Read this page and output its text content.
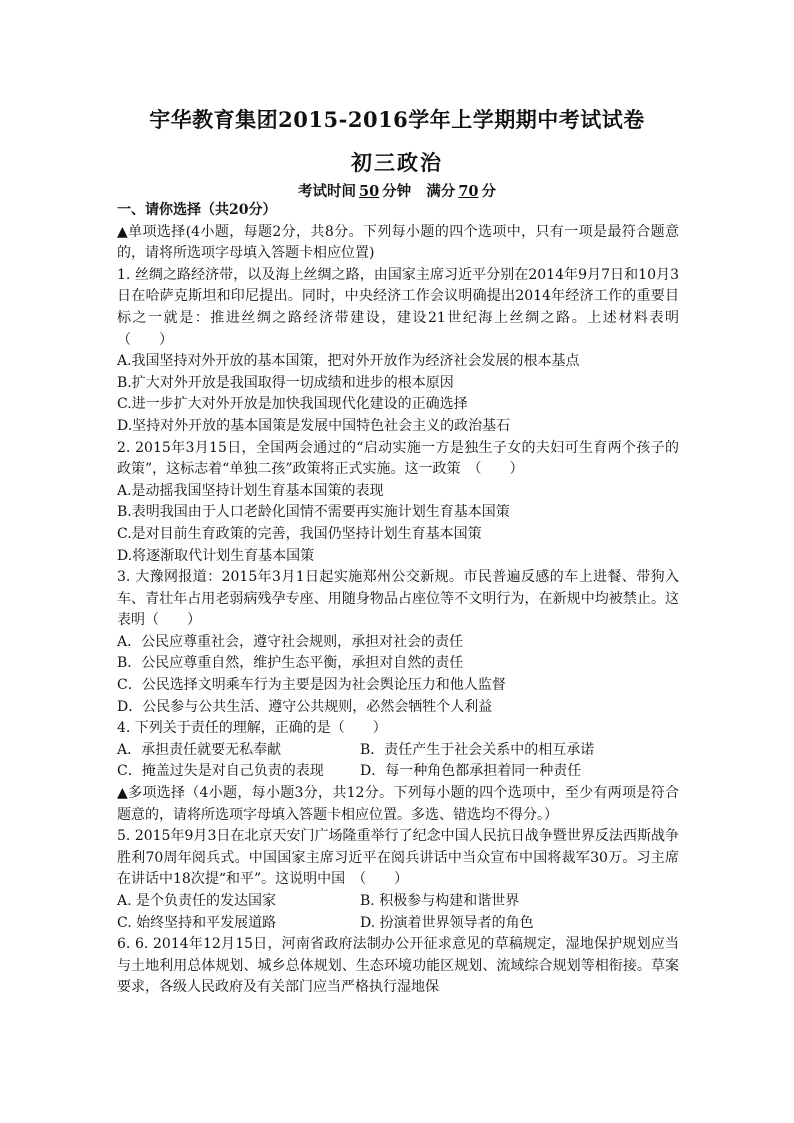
宇华教育集团2015-2016学年上学期期中考试试卷
初三政治
考试时间 50 分钟 满分 70 分

一、请你选择（共20分）

▲单项选择(4小题，每题2分，共8分。下列每小题的四个选项中，只有一项是最符合题意的，请将所选项字母填入答题卡相应位置)

1. 丝绸之路经济带，以及海上丝绸之路，由国家主席习近平分别在2014年9月7日和10月3日在哈萨克斯坦和印尼提出。同时，中央经济工作会议明确提出2014年经济工作的重要目标之一就是：推进丝绸之路经济带建设，建设21世纪海上丝绸之路。上述材料表明　（　　）

A.我国坚持对外开放的基本国策，把对外开放作为经济社会发展的根本基点

B.扩大对外开放是我国取得一切成绩和进步的根本原因

C.进一步扩大对外开放是加快我国现代化建设的正确选择

D.坚持对外开放的基本国策是发展中国特色社会主义的政治基石

2. 2015年3月15日，全国两会通过的“启动实施一方是独生子女的夫妇可生育两个孩子的政策”，这标志着“单独二孩”政策将正式实施。这一政策　（　　）

A.是动摇我国坚持计划生育基本国策的表现

B.表明我国由于人口老龄化国情不需要再实施计划生育基本国策

C.是对目前生育政策的完善，我国仍坚持计划生育基本国策

D.将逐渐取代计划生育基本国策

3. 大豫网报道：2015年3月1日起实施郑州公交新规。市民普遍反感的车上进餐、带狗入车、青壮年占用老弱病残孕专座、用随身物品占座位等不文明行为，在新规中均被禁止。这表明（　　）

A．公民应尊重社会，遵守社会规则，承担对社会的责任

B．公民应尊重自然，维护生态平衡，承担对自然的责任

C．公民选择文明乘车行为主要是因为社会舆论压力和他人监督

D．公民参与公共生活、遵守公共规则，必然会牺牲个人利益

4. 下列关于责任的理解，正确的是（　　）

A．承担责任就要无私奉献	B．责任产生于社会关系中的相互承诺

C．掩盖过失是对自己负责的表现	D．每一种角色都承担着同一种责任

▲多项选择（4小题，每小题3分，共12分。下列每小题的四个选项中，至少有两项是符合题意的，请将所选项字母填入答题卡相应位置。多选、错选均不得分。）

5. 2015年9月3日在北京天安门广场隆重举行了纪念中国人民抗日战争暨世界反法西斯战争胜利70周年阅兵式。中国国家主席习近平在阅兵讲话中当众宣布中国将裁军30万。习主席在讲话中18次提“和平”。这说明中国　（　　）

A. 是个负责任的发达国家	B. 积极参与构建和谐世界

C. 始终坚持和平发展道路	D. 扮演着世界领导者的角色

6. 6. 2014年12月15日，河南省政府法制办公开征求意见的草稿规定，湿地保护规划应当与土地利用总体规划、城乡总体规划、生态环境功能区规划、流域综合规划等相衔接。草案要求，各级人民政府及有关部门应当严格执行湿地保
